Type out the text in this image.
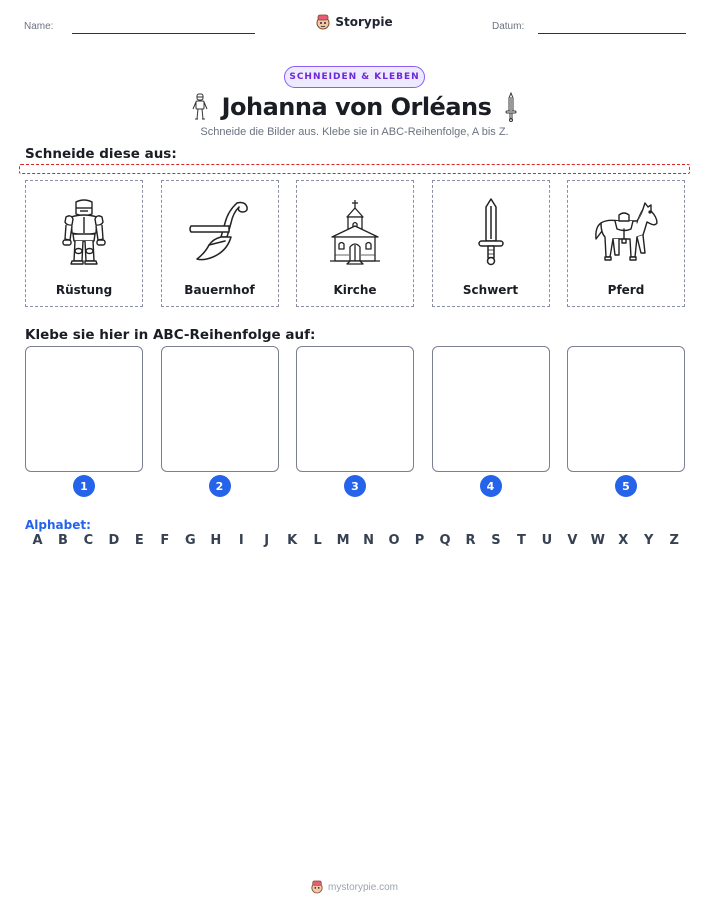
Name:	Storypie	Datum:
SCHNEIDEN & KLEBEN
Johanna von Orléans
Schneide die Bilder aus. Klebe sie in ABC-Reihenfolge, A bis Z.
Schneide diese aus:
Rüstung	Bauernhof	Kirche	Schwert	Pferd
Klebe sie hier in ABC-Reihenfolge auf:
1	2	3	4	5
Alphabet:
A	B	C	D	E	F	G	H	I	J	K	L	M	N	O	P	Q	R	S	T	U	V	W	X	Y	Z
mystorypie.com
